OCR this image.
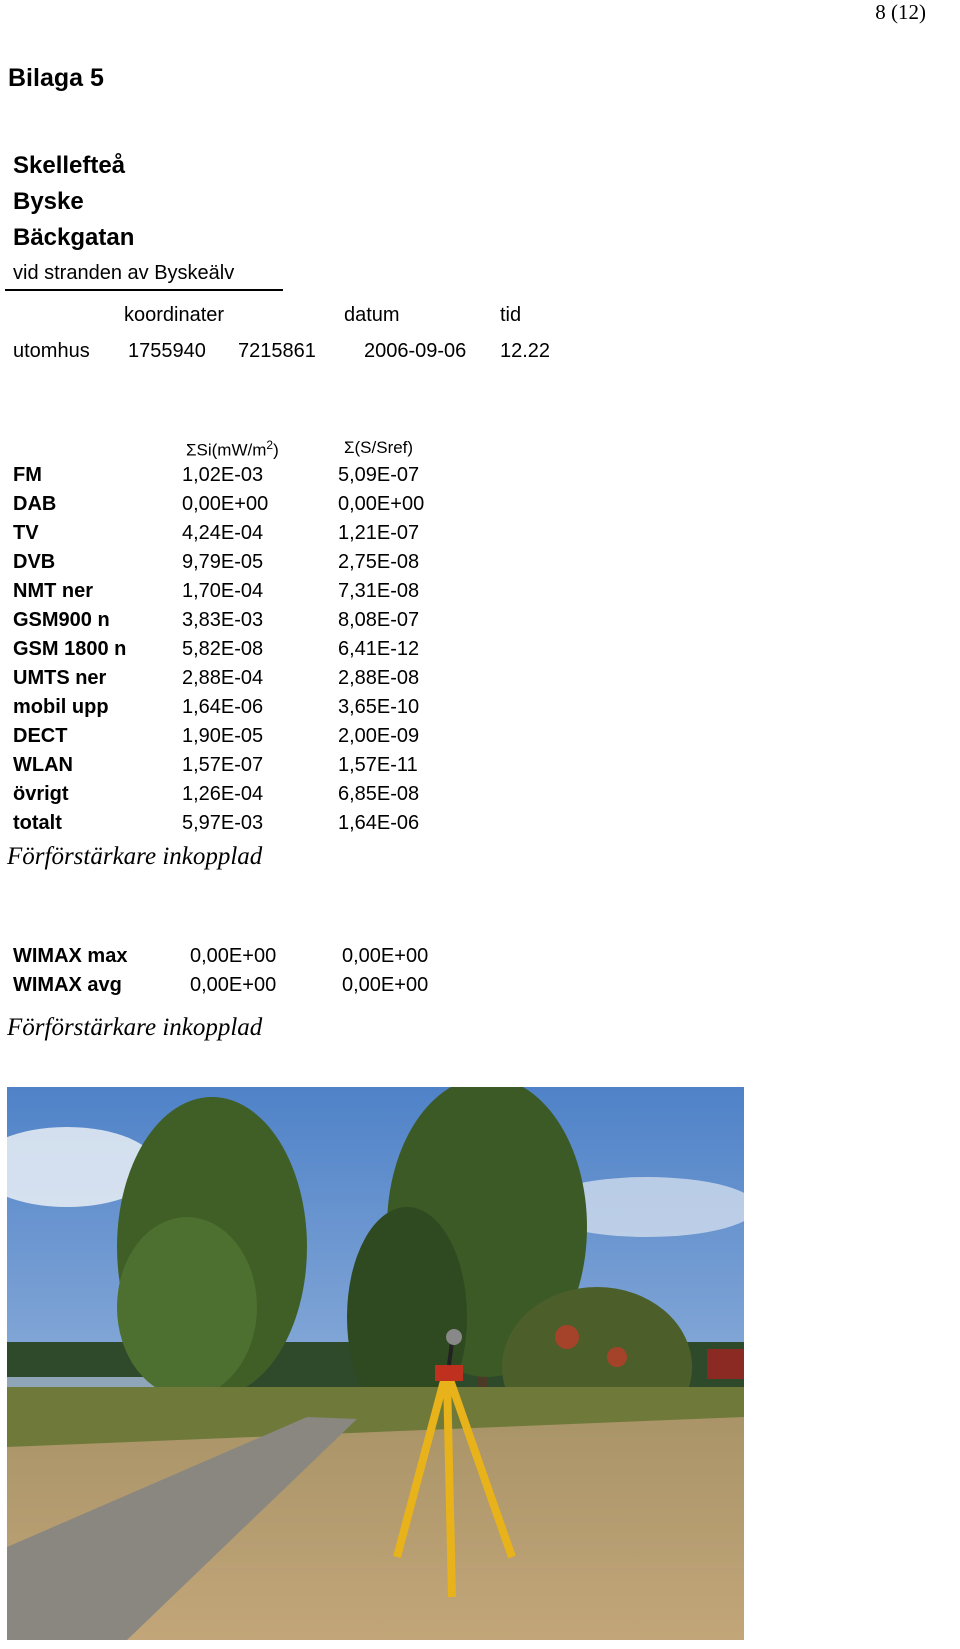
8 (12)
Bilaga 5
Skellefteå
Byske
Bäckgatan
vid stranden av Byskeälv
koordinater	datum	tid
utomhus 1755940 7215861 2006-09-06 12.22
$\Sigma Si(mW/m^2)$	Σ(S/Sref)
FM	1,02E-03	5,09E-07
DAB	0,00E+00	0,00E+00
TV	4,24E-04	1,21E-07
DVB	9,79E-05	2,75E-08
NMT ner	1,70E-04	7,31E-08
GSM900 n	3,83E-03	8,08E-07
GSM 1800 n	5,82E-08	6,41E-12
UMTS ner	2,88E-04	2,88E-08
mobil upp	1,64E-06	3,65E-10
DECT	1,90E-05	2,00E-09
WLAN	1,57E-07	1,57E-11
övrigt	1,26E-04	6,85E-08
totalt	5,97E-03	1,64E-06
Förförstärkare inkopplad
WIMAX max	0,00E+00	0,00E+00
WIMAX avg	0,00E+00	0,00E+00
Förförstärkare inkopplad
